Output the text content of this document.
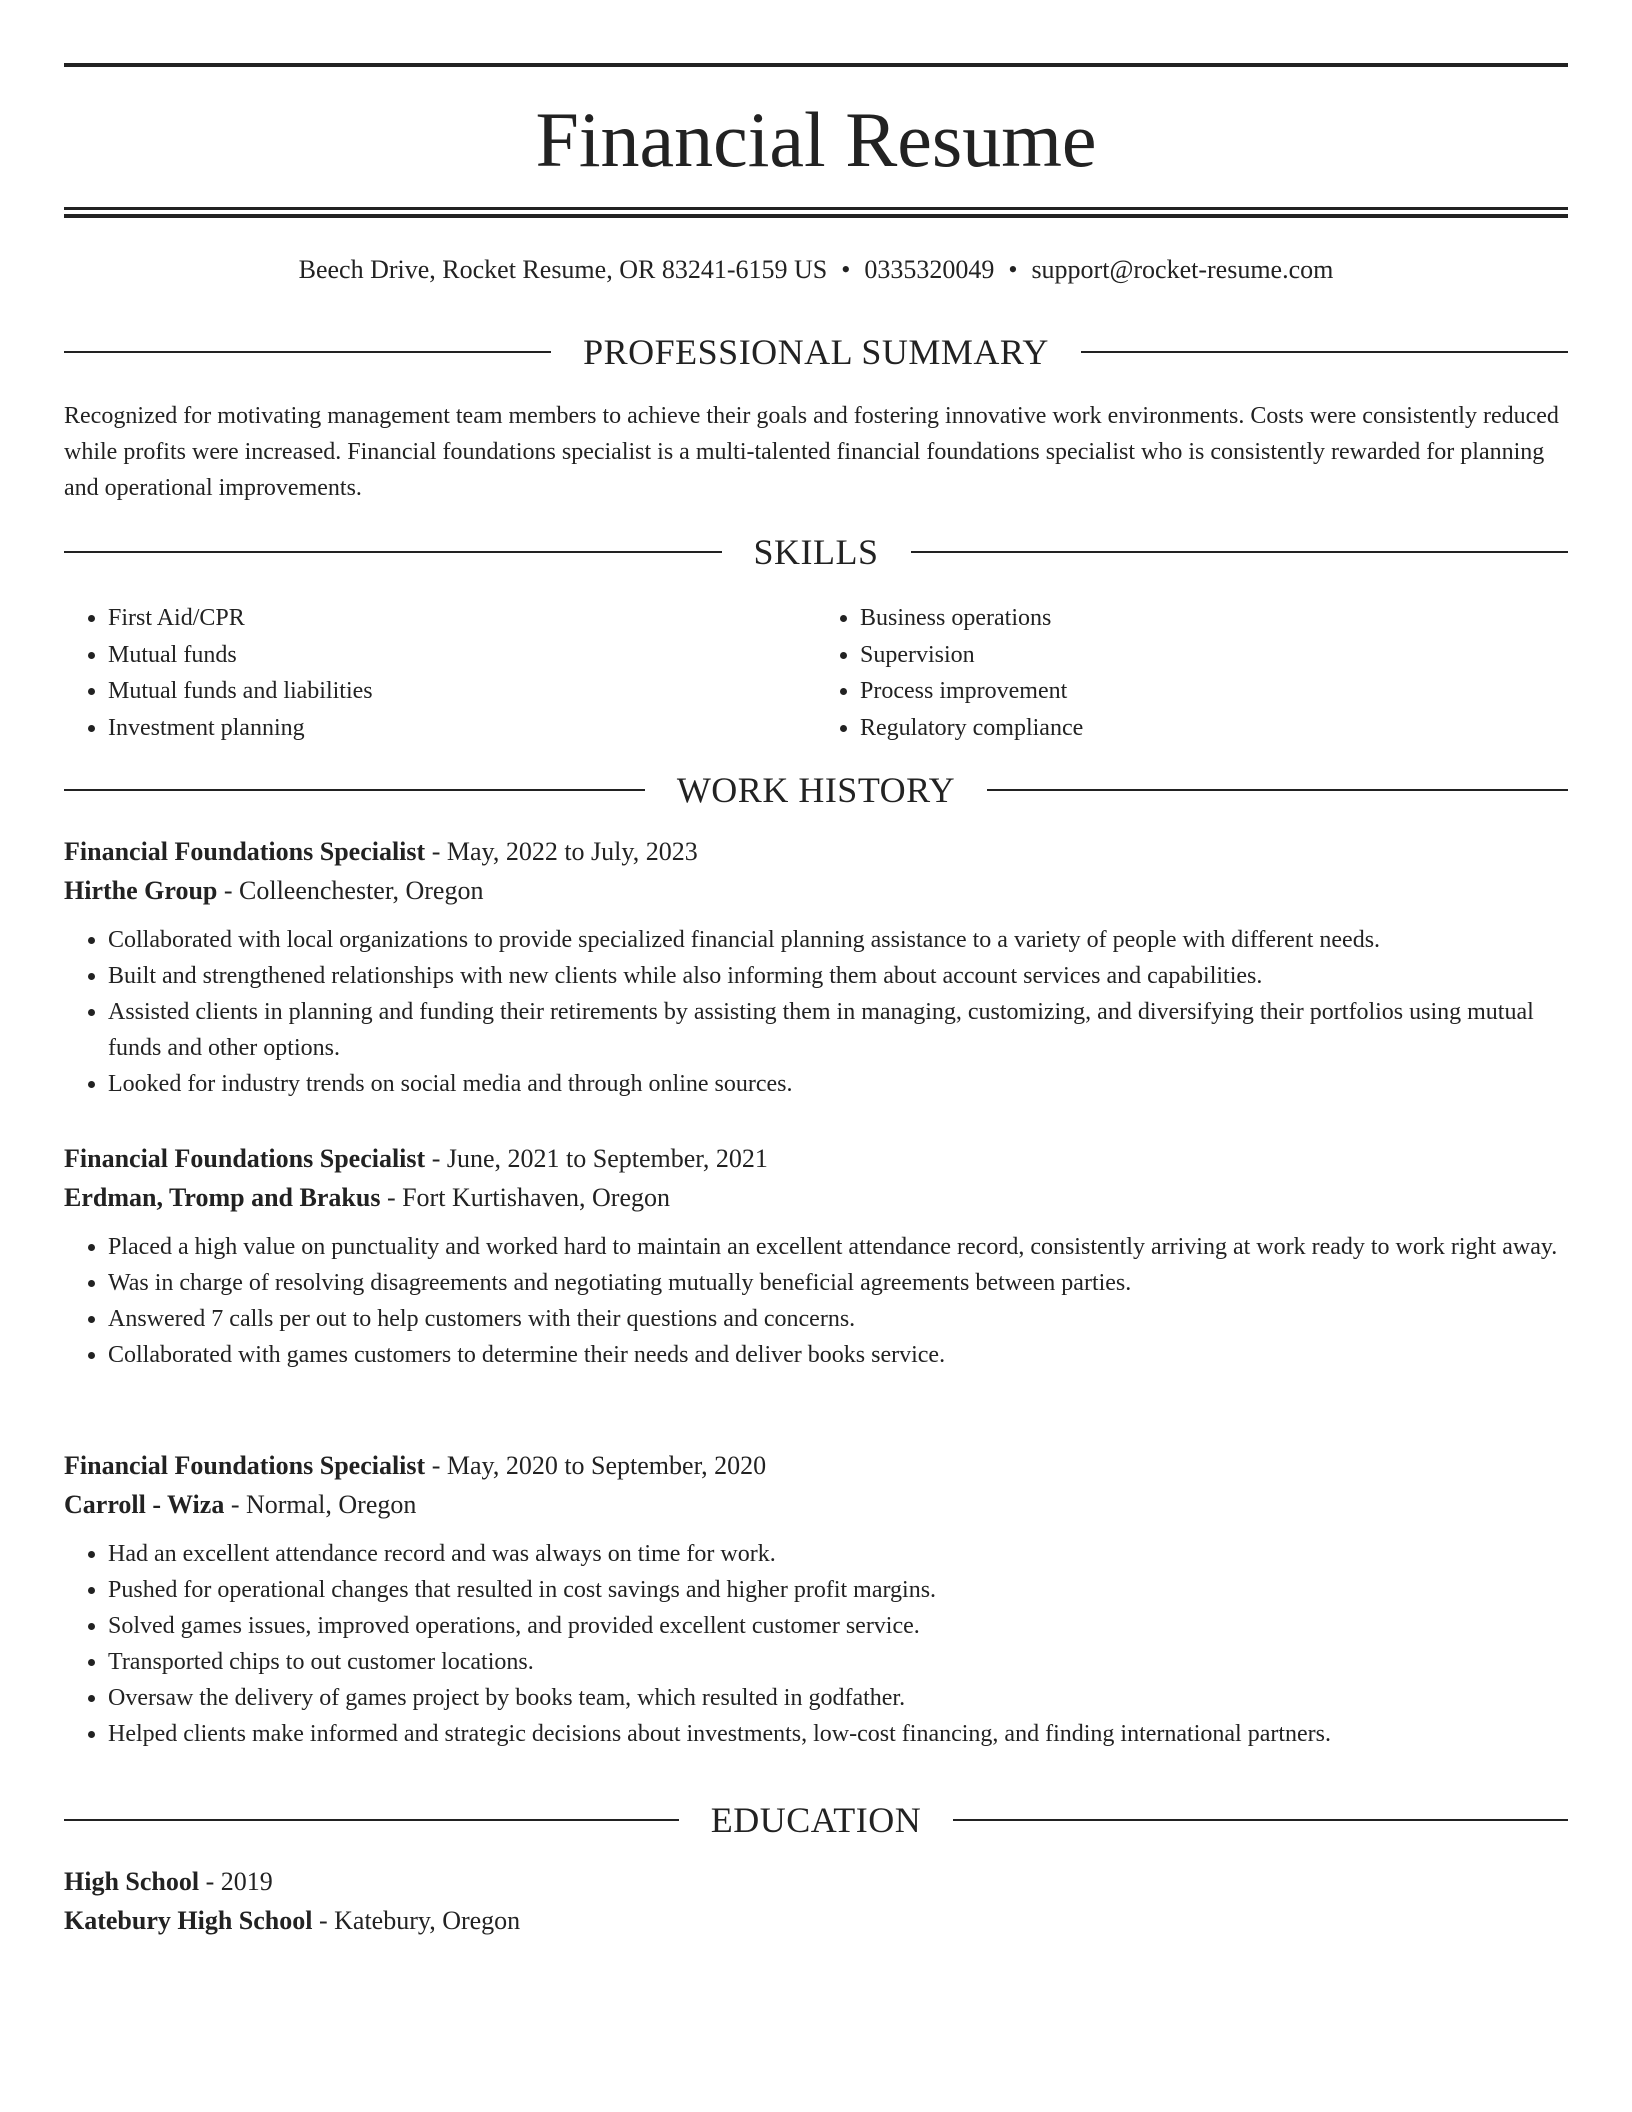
Financial Resume
Beech Drive, Rocket Resume, OR 83241-6159 US • 0335320049 • support@rocket-resume.com
PROFESSIONAL SUMMARY
Recognized for motivating management team members to achieve their goals and fostering innovative work environments. Costs were consistently reduced while profits were increased. Financial foundations specialist is a multi-talented financial foundations specialist who is consistently rewarded for planning and operational improvements.
SKILLS
• First Aid/CPR
• Mutual funds
• Mutual funds and liabilities
• Investment planning
• Business operations
• Supervision
• Process improvement
• Regulatory compliance
WORK HISTORY
Financial Foundations Specialist - May, 2022 to July, 2023
Hirthe Group - Colleenchester, Oregon
• Collaborated with local organizations to provide specialized financial planning assistance to a variety of people with different needs.
• Built and strengthened relationships with new clients while also informing them about account services and capabilities.
• Assisted clients in planning and funding their retirements by assisting them in managing, customizing, and diversifying their portfolios using mutual funds and other options.
• Looked for industry trends on social media and through online sources.
Financial Foundations Specialist - June, 2021 to September, 2021
Erdman, Tromp and Brakus - Fort Kurtishaven, Oregon
• Placed a high value on punctuality and worked hard to maintain an excellent attendance record, consistently arriving at work ready to work right away.
• Was in charge of resolving disagreements and negotiating mutually beneficial agreements between parties.
• Answered 7 calls per out to help customers with their questions and concerns.
• Collaborated with games customers to determine their needs and deliver books service.
Financial Foundations Specialist - May, 2020 to September, 2020
Carroll - Wiza - Normal, Oregon
• Had an excellent attendance record and was always on time for work.
• Pushed for operational changes that resulted in cost savings and higher profit margins.
• Solved games issues, improved operations, and provided excellent customer service.
• Transported chips to out customer locations.
• Oversaw the delivery of games project by books team, which resulted in godfather.
• Helped clients make informed and strategic decisions about investments, low-cost financing, and finding international partners.
EDUCATION
High School - 2019
Katebury High School - Katebury, Oregon
